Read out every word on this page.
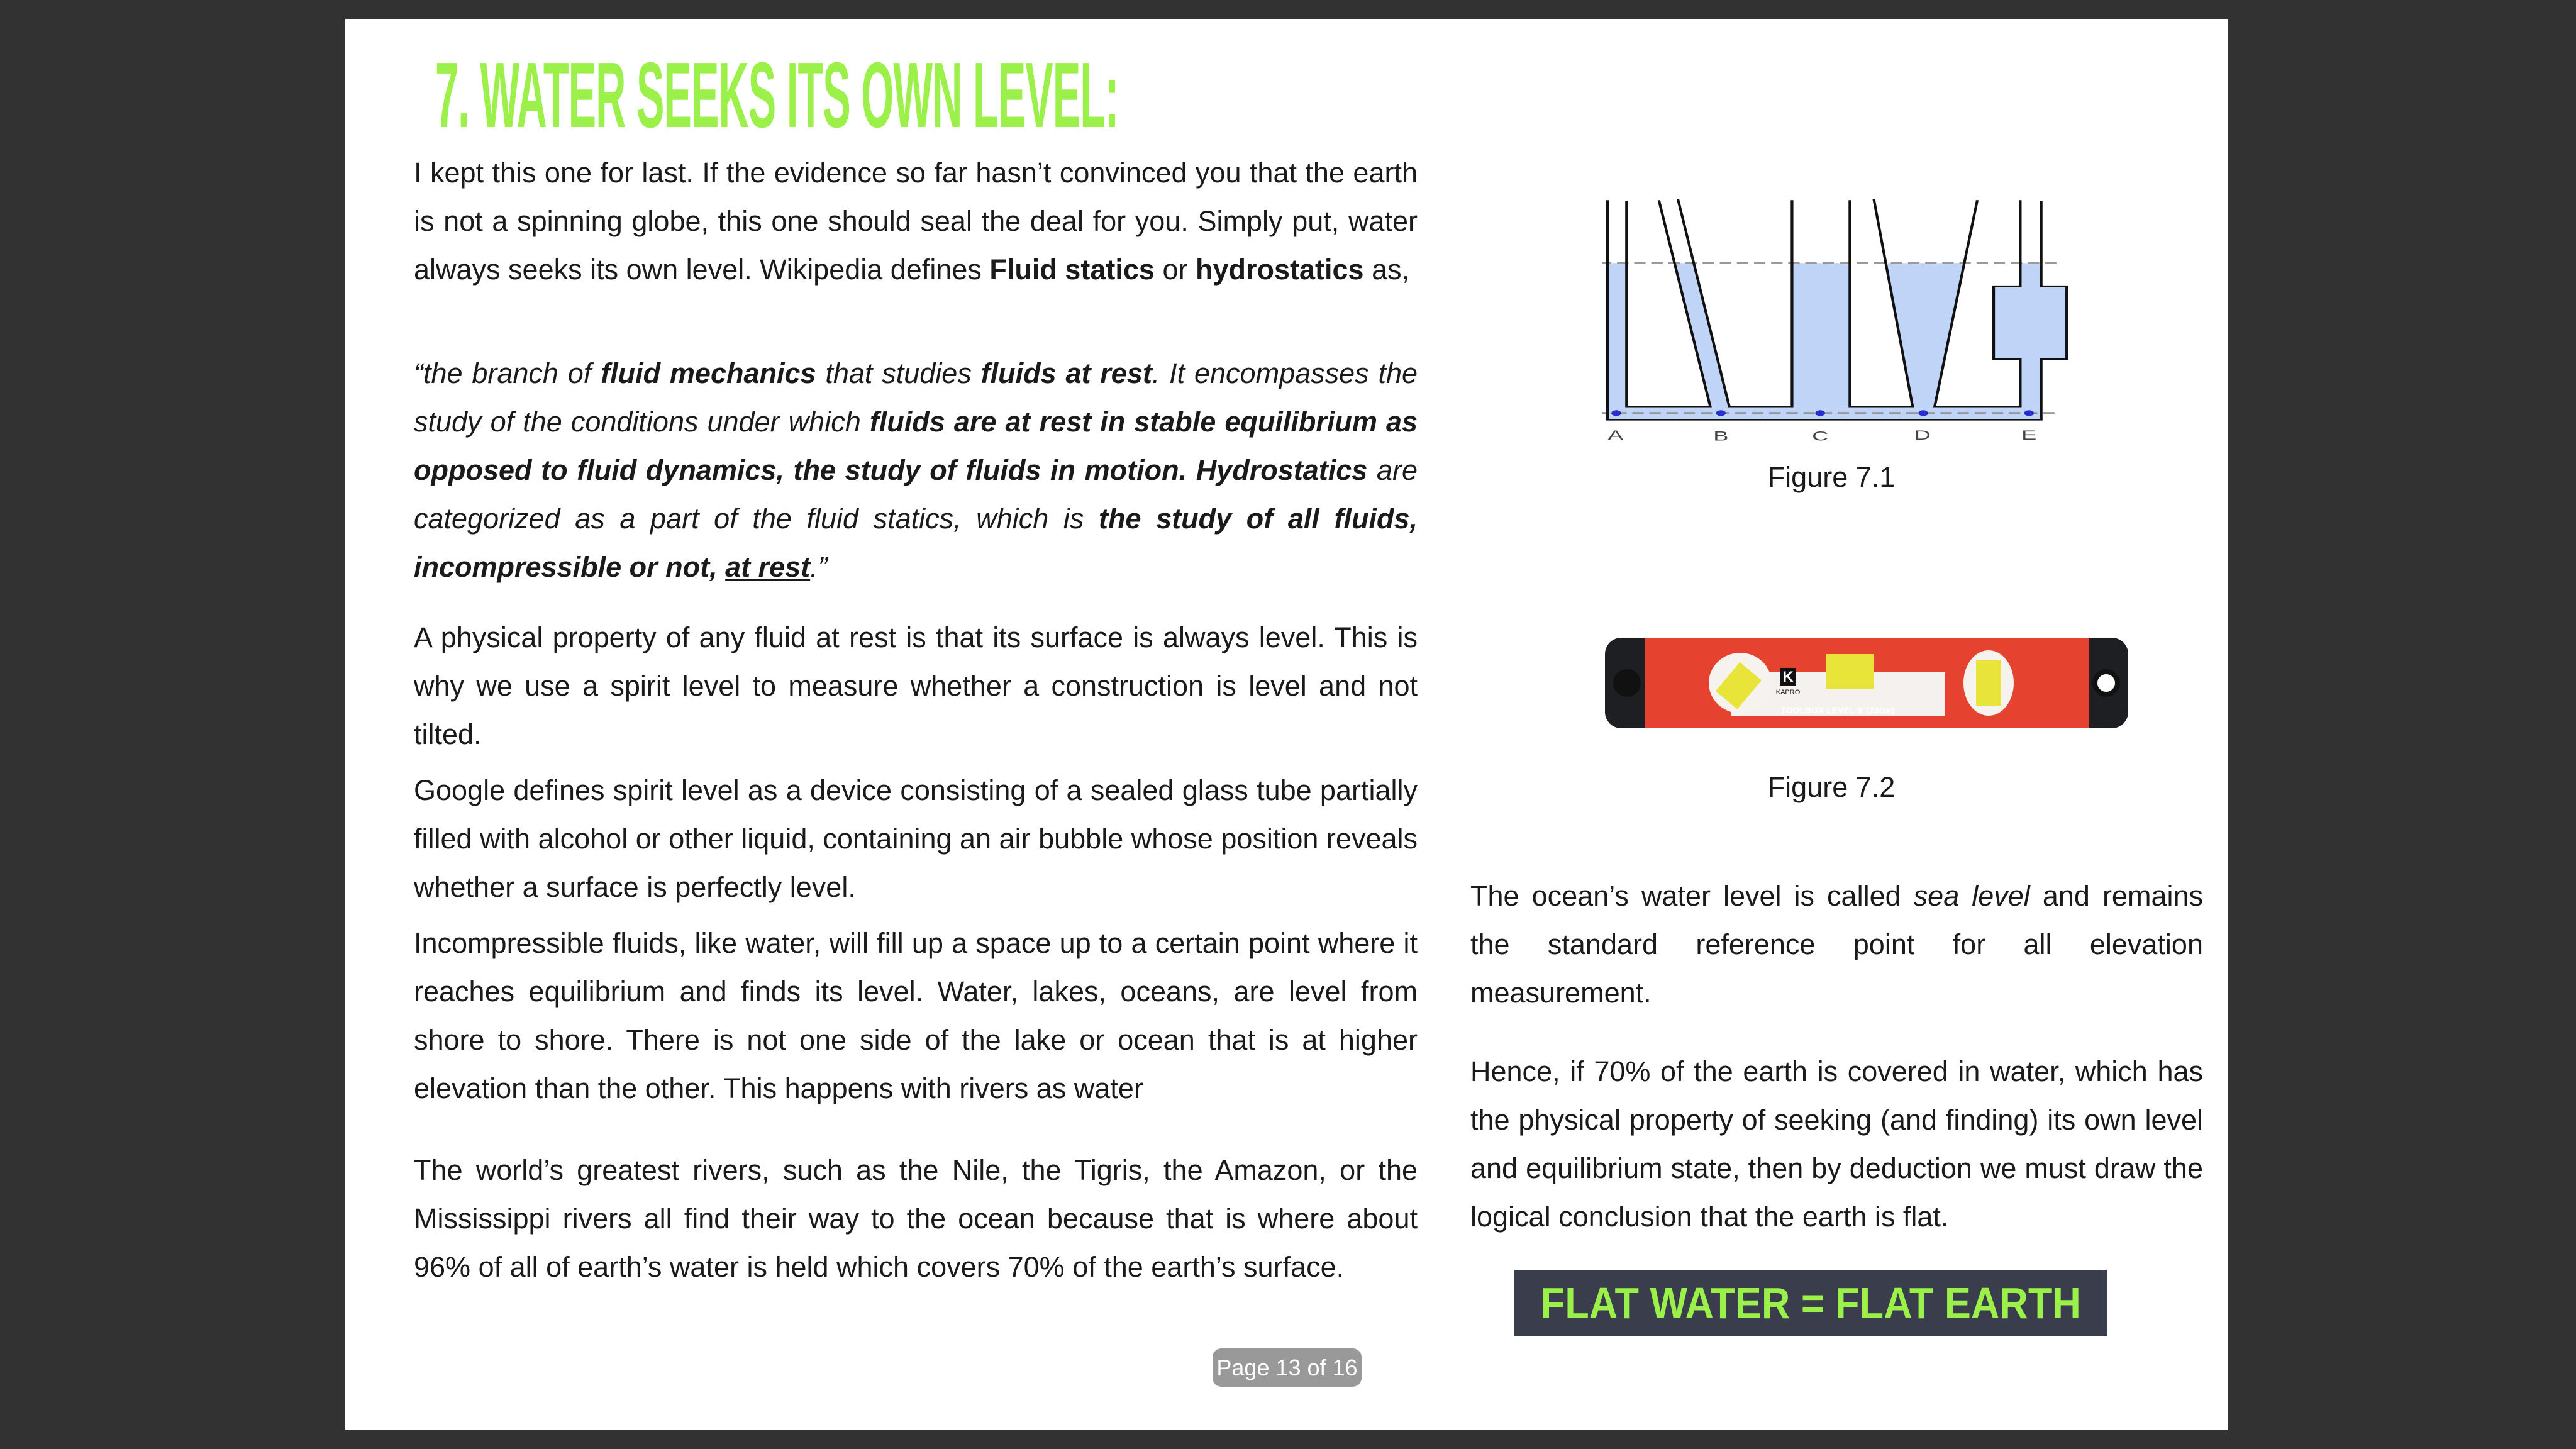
7. WATER SEEKS ITS OWN LEVEL:
I kept this one for last. If the evidence so far hasn’t convinced you that the earth is not a spinning globe, this one should seal the deal for you. Simply put, water always seeks its own level. Wikipedia defines Fluid statics or hydrostatics as,
“the branch of fluid mechanics that studies fluids at rest. It encompasses the study of the conditions under which fluids are at rest in stable equilibrium as opposed to fluid dynamics, the study of fluids in motion. Hydrostatics are categorized as a part of the fluid statics, which is the study of all fluids, incompressible or not, at rest.”
A physical property of any fluid at rest is that its surface is always level. This is why we use a spirit level to measure whether a construction is level and not tilted.
Google defines spirit level as a device consisting of a sealed glass tube partially filled with alcohol or other liquid, containing an air bubble whose position reveals whether a surface is perfectly level.
Incompressible fluids, like water, will fill up a space up to a certain point where it reaches equilibrium and finds its level. Water, lakes, oceans, are level from shore to shore. There is not one side of the lake or ocean that is at higher elevation than the other. This happens with rivers as water
The world’s greatest rivers, such as the Nile, the Tigris, the Amazon, or the Mississippi rivers all find their way to the ocean because that is where about 96% of all of earth’s water is held which covers 70% of the earth’s surface.
A B C D E
Figure 7.1
K
KAPRO
TOOLBOX LEVEL 9"(23cm)
Figure 7.2
The ocean’s water level is called sea level and remains the standard reference point for all elevation measurement.
Hence, if 70% of the earth is covered in water, which has the physical property of seeking (and finding) its own level and equilibrium state, then by deduction we must draw the logical conclusion that the earth is flat.
FLAT WATER = FLAT EARTH
Page 13 of 16
